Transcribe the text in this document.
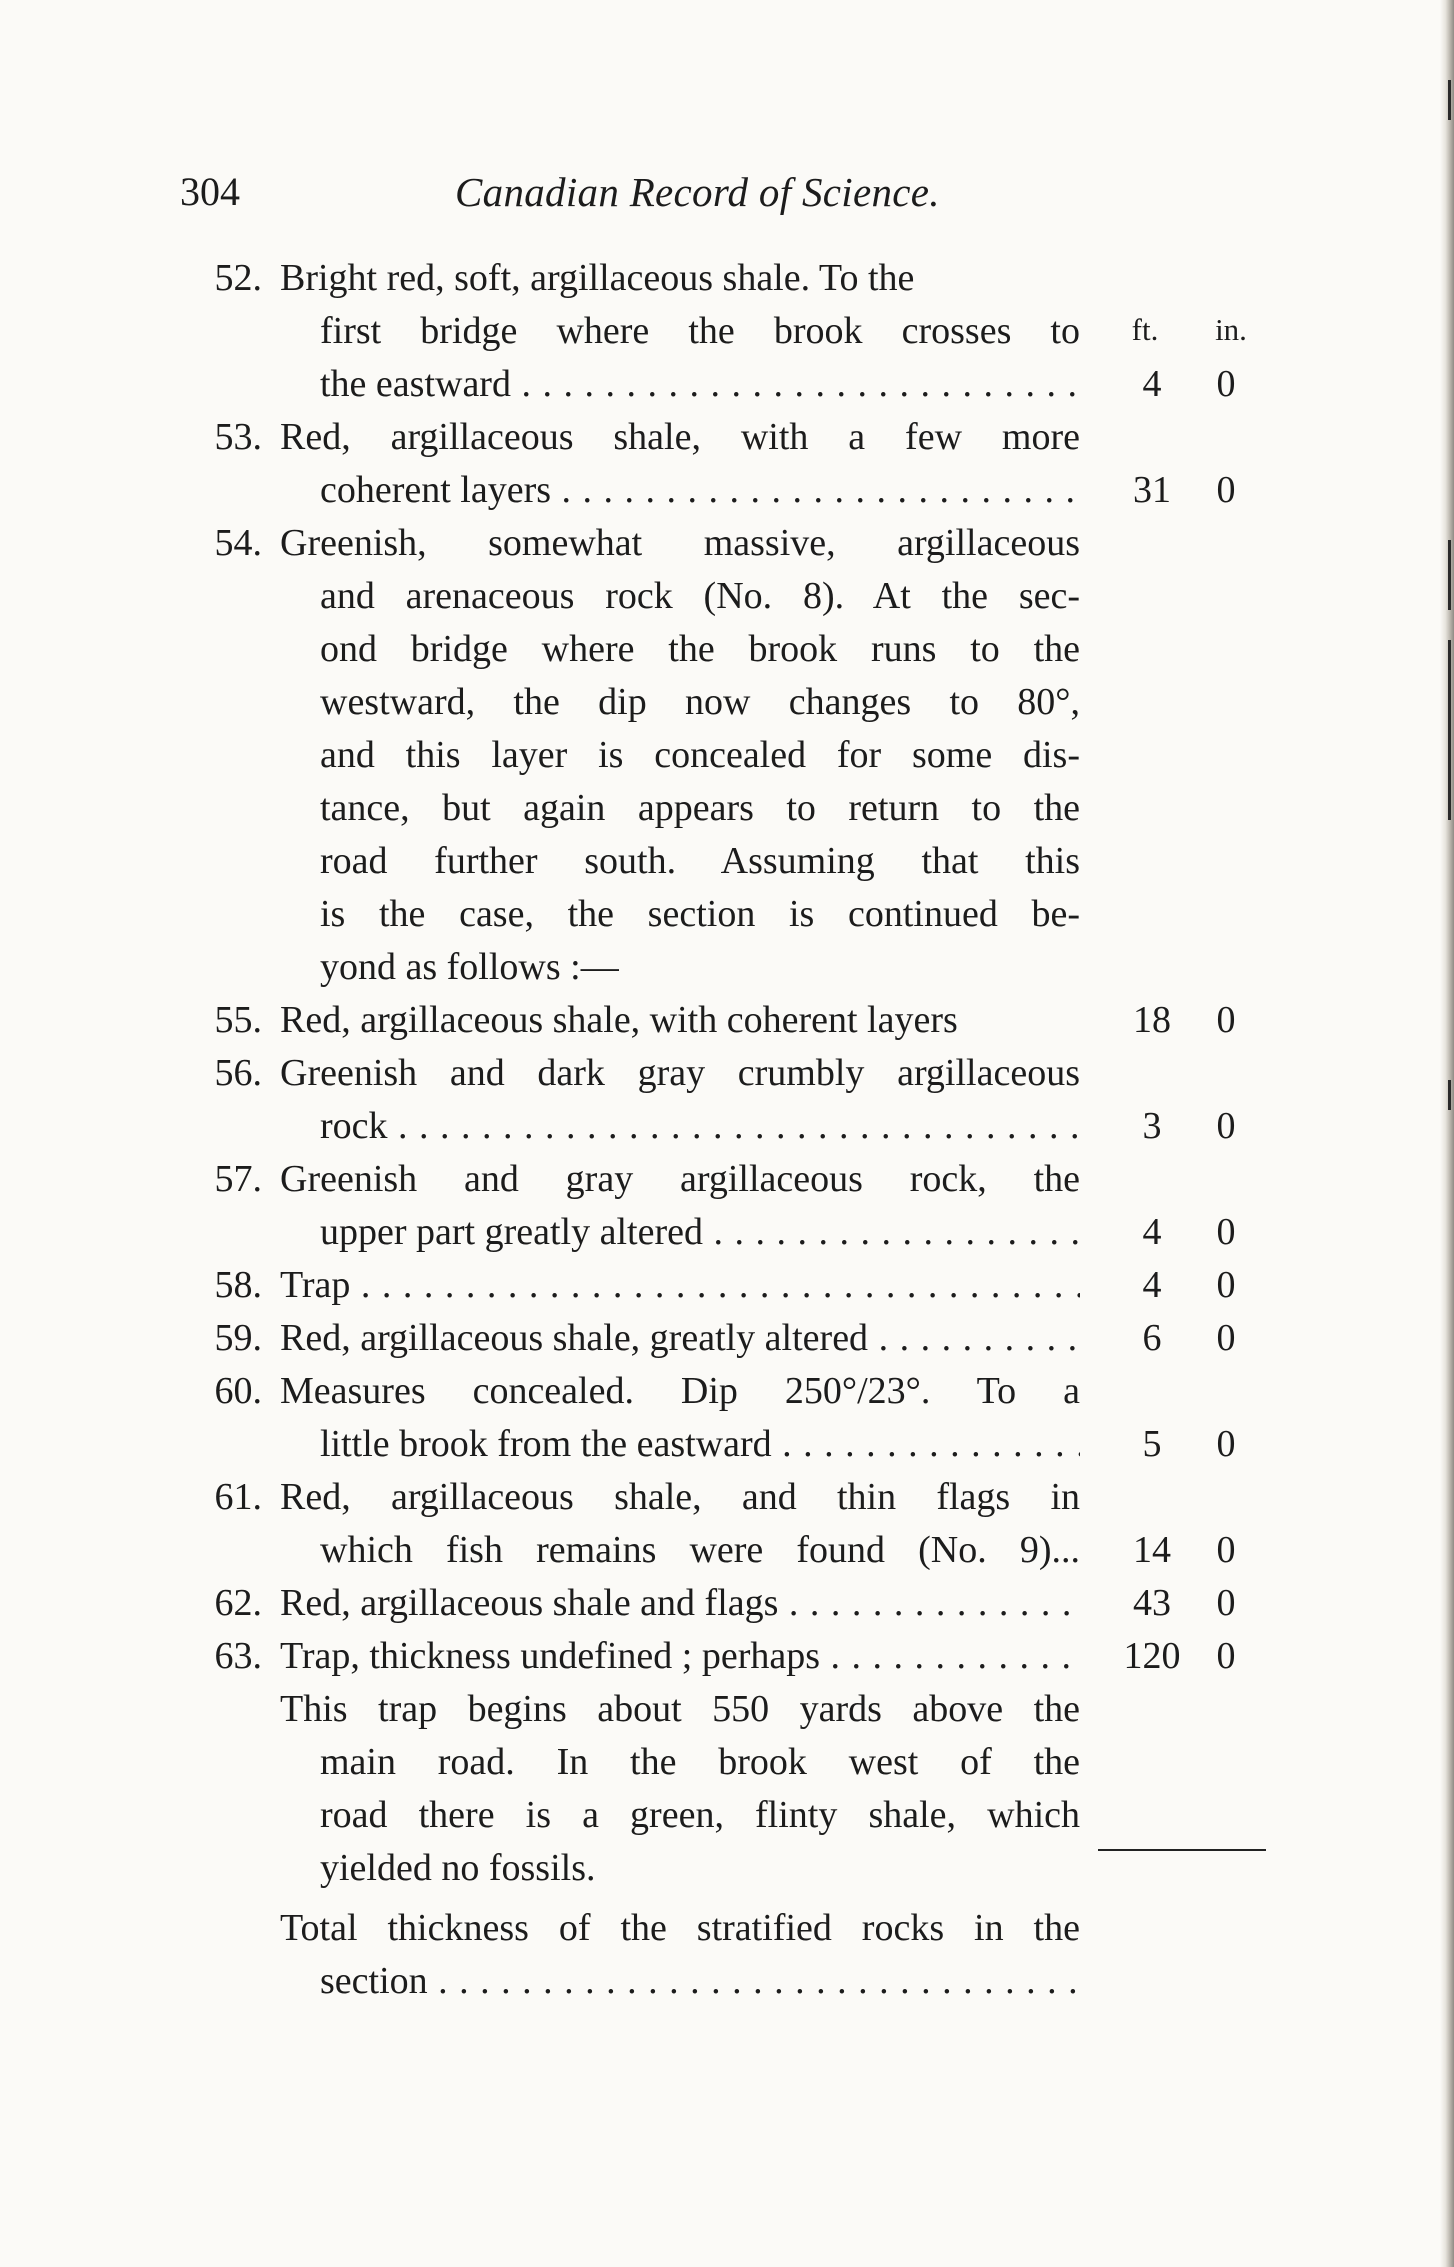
304	Canadian Record of Science.
ft.	in.
52. Bright red, soft, argillaceous shale. To the
first bridge where the brook crosses to
the eastward . . .	4	0
53. Red, argillaceous shale, with a few more
coherent layers . . .	31	0
54. Greenish, somewhat massive, argillaceous
and arenaceous rock (No. 8). At the sec-
ond bridge where the brook runs to the
westward, the dip now changes to 80°,
and this layer is concealed for some dis-
tance, but again appears to return to the
road further south. Assuming that this
is the case, the section is continued be-
yond as follows :—
55. Red, argillaceous shale, with coherent layers	18	0
56. Greenish and dark gray crumbly argillaceous
rock . . .	3	0
57. Greenish and gray argillaceous rock, the
upper part greatly altered . . .	4	0
58. Trap . . .	4	0
59. Red, argillaceous shale, greatly altered . . .	6	0
60. Measures concealed. Dip 250°/23°. To a
little brook from the eastward . . .	5	0
61. Red, argillaceous shale, and thin flags in
which fish remains were found (No. 9)...	14	0
62. Red, argillaceous shale and flags . . .	43	0
63. Trap, thickness undefined ; perhaps . . .	120 0
This trap begins about 550 yards above the
main road. In the brook west of the
road there is a green, flinty shale, which
yielded no fossils.
Total thickness of the stratified rocks in the
section . . .
